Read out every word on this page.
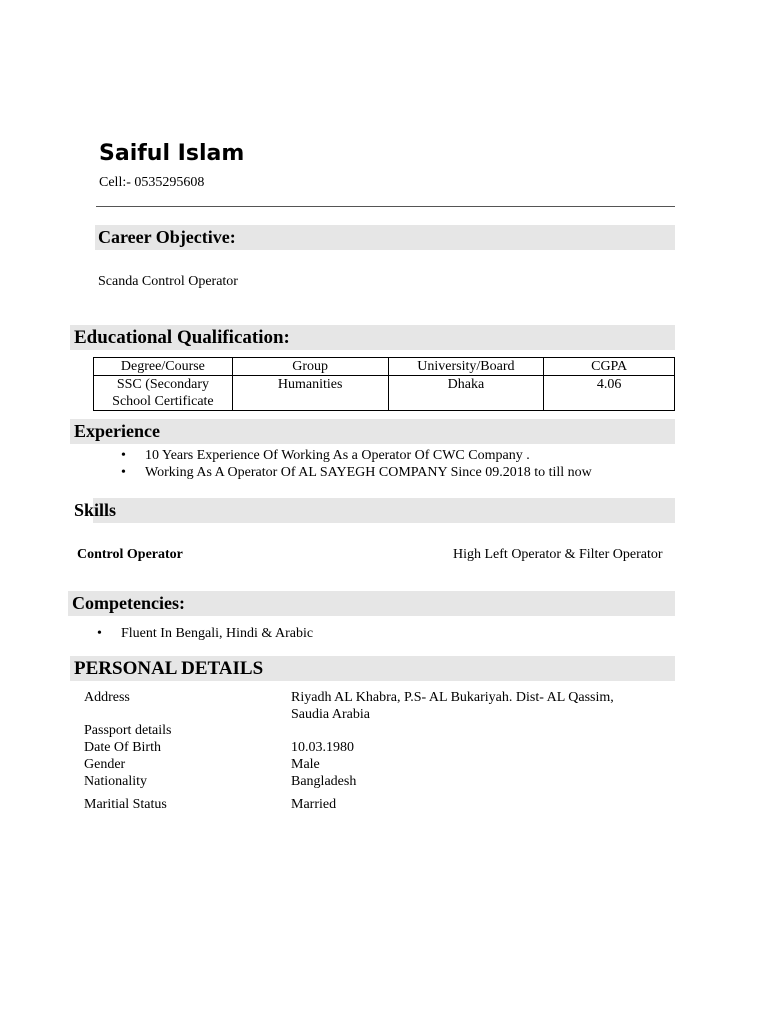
Saiful Islam
Cell:- 0535295608
Career Objective:
Scanda Control Operator
Educational Qualification:
Degree/Course	Group	University/Board	CGPA

SSC (Secondary
School Certificate	Humanities	Dhaka	4.06
Experience
• 10 Years Experience Of Working As a Operator Of CWC Company .
• Working As A Operator Of AL SAYEGH COMPANY Since 09.2018 to till now
Skills
Control Operator	High Left Operator & Filter Operator
Competencies:
• Fluent In Bengali, Hindi & Arabic
PERSONAL DETAILS
Address	Riyadh AL Khabra, P.S- AL Bukariyah. Dist- AL Qassim,
Saudia Arabia
Passport details
Date Of Birth	10.03.1980
Gender	Male
Nationality	Bangladesh
Maritial Status	Married
